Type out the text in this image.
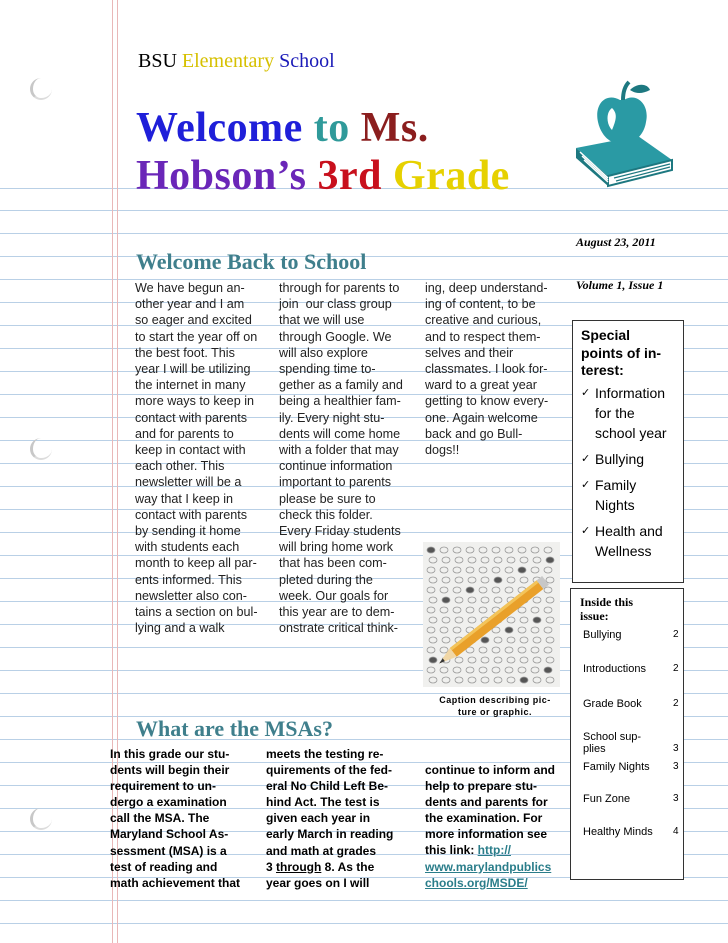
BSU Elementary School
Welcome to Ms.
Hobson’s 3rd Grade
August 23, 2011
Volume 1, Issue 1
Welcome Back to School
We have begun an-
other year and I am
so eager and excited
to start the year off on
the best foot. This
year I will be utilizing
the internet in many
more ways to keep in
contact with parents
and for parents to
keep in contact with
each other. This
newsletter will be a
way that I keep in
contact with parents
by sending it home
with students each
month to keep all par-
ents informed. This
newsletter also con-
tains a section on bul-
lying and a walk
through for parents to
join  our class group
that we will use
through Google. We
will also explore
spending time to-
gether as a family and
being a healthier fam-
ily. Every night stu-
dents will come home
with a folder that may
continue information
important to parents
please be sure to
check this folder.
Every Friday students
will bring home work
that has been com-
pleted during the
week. Our goals for
this year are to dem-
onstrate critical think-
ing, deep understand-
ing of content, to be
creative and curious,
and to respect them-
selves and their
classmates. I look for-
ward to a great year
getting to know every-
one. Again welcome
back and go Bull-
dogs!!
Caption describing pic-
ture or graphic.
What are the MSAs?
In this grade our stu-
dents will begin their
requirement to un-
dergo a examination
call the MSA. The
Maryland School As-
sessment (MSA) is a
test of reading and
math achievement that
meets the testing re-
quirements of the fed-
eral No Child Left Be-
hind Act. The test is
given each year in
early March in reading
and math at grades
3 through 8. As the
year goes on I will
continue to inform and
help to prepare stu-
dents and parents for
the examination. For
more information see
this link: http://
www.marylandpublics
chools.org/MSDE/
Special
points of in-
terest:
✓ Information
for the
school year
✓ Bullying
✓ Family
Nights
✓ Health and
Wellness
Inside this
issue:
Bullying	2
Introductions	2
Grade Book	2
School sup-
plies	3
Family Nights 3
Fun Zone	3
Healthy Minds 4
